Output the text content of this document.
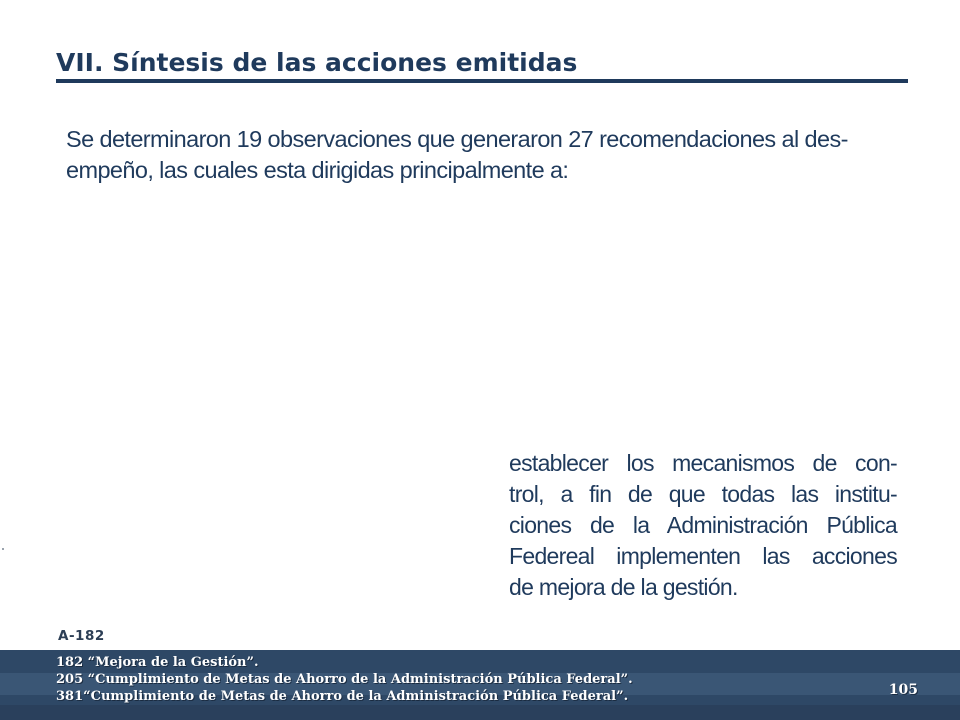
VII. Síntesis de las acciones emitidas
Se determinaron 19 observaciones que generaron 27 recomendaciones al des-
empeño, las cuales esta dirigidas principalmente a:
establecer los mecanismos de con-
trol, a fin de que todas las institu-
ciones de la Administración Pública
Federeal implementen las acciones
de mejora de la gestión.
A-182
182 “Mejora de la Gestión”.
205 “Cumplimiento de Metas de Ahorro de la Administración Pública Federal”.
381“Cumplimiento de Metas de Ahorro de la Administración Pública Federal”.	105
